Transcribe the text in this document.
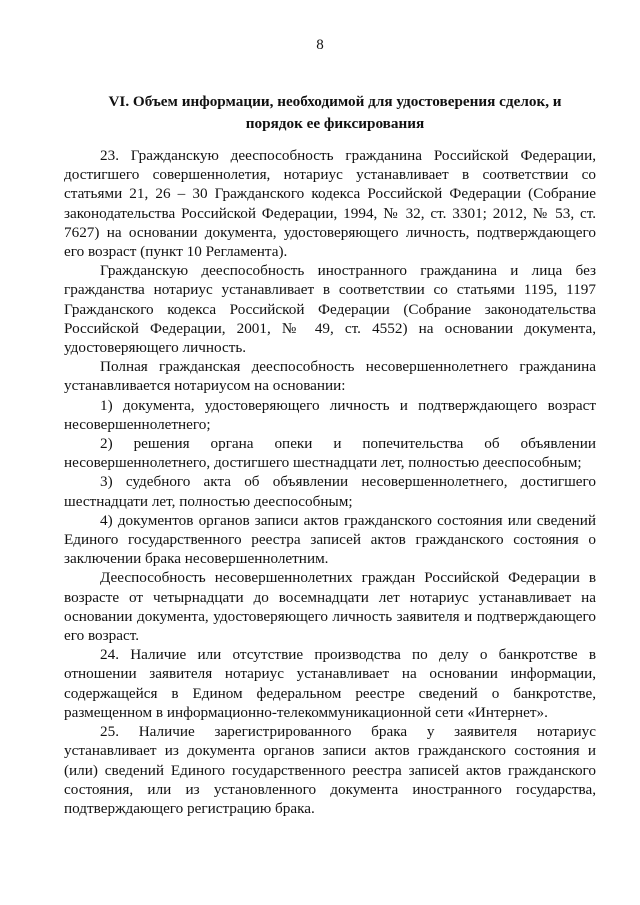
8
VI. Объем информации, необходимой для удостоверения сделок, и порядок ее фиксирования

23. Гражданскую дееспособность гражданина Российской Федерации, достигшего совершеннолетия, нотариус устанавливает в соответствии со статьями 21, 26 – 30 Гражданского кодекса Российской Федерации (Собрание законодательства Российской Федерации, 1994, № 32, ст. 3301; 2012, № 53, ст. 7627) на основании документа, удостоверяющего личность, подтверждающего его возраст (пункт 10 Регламента).

Гражданскую дееспособность иностранного гражданина и лица без гражданства нотариус устанавливает в соответствии со статьями 1195, 1197 Гражданского кодекса Российской Федерации (Собрание законодательства Российской Федерации, 2001, № 49, ст. 4552) на основании документа, удостоверяющего личность.

Полная гражданская дееспособность несовершеннолетнего гражданина устанавливается нотариусом на основании:

1) документа, удостоверяющего личность и подтверждающего возраст несовершеннолетнего;

2) решения органа опеки и попечительства об объявлении несовершеннолетнего, достигшего шестнадцати лет, полностью дееспособным;

3) судебного акта об объявлении несовершеннолетнего, достигшего шестнадцати лет, полностью дееспособным;

4) документов органов записи актов гражданского состояния или сведений Единого государственного реестра записей актов гражданского состояния о заключении брака несовершеннолетним.

Дееспособность несовершеннолетних граждан Российской Федерации в возрасте от четырнадцати до восемнадцати лет нотариус устанавливает на основании документа, удостоверяющего личность заявителя и подтверждающего его возраст.

24. Наличие или отсутствие производства по делу о банкротстве в отношении заявителя нотариус устанавливает на основании информации, содержащейся в Едином федеральном реестре сведений о банкротстве, размещенном в информационно-телекоммуникационной сети «Интернет».

25. Наличие зарегистрированного брака у заявителя нотариус устанавливает из документа органов записи актов гражданского состояния и (или) сведений Единого государственного реестра записей актов гражданского состояния, или из установленного документа иностранного государства, подтверждающего регистрацию брака.
